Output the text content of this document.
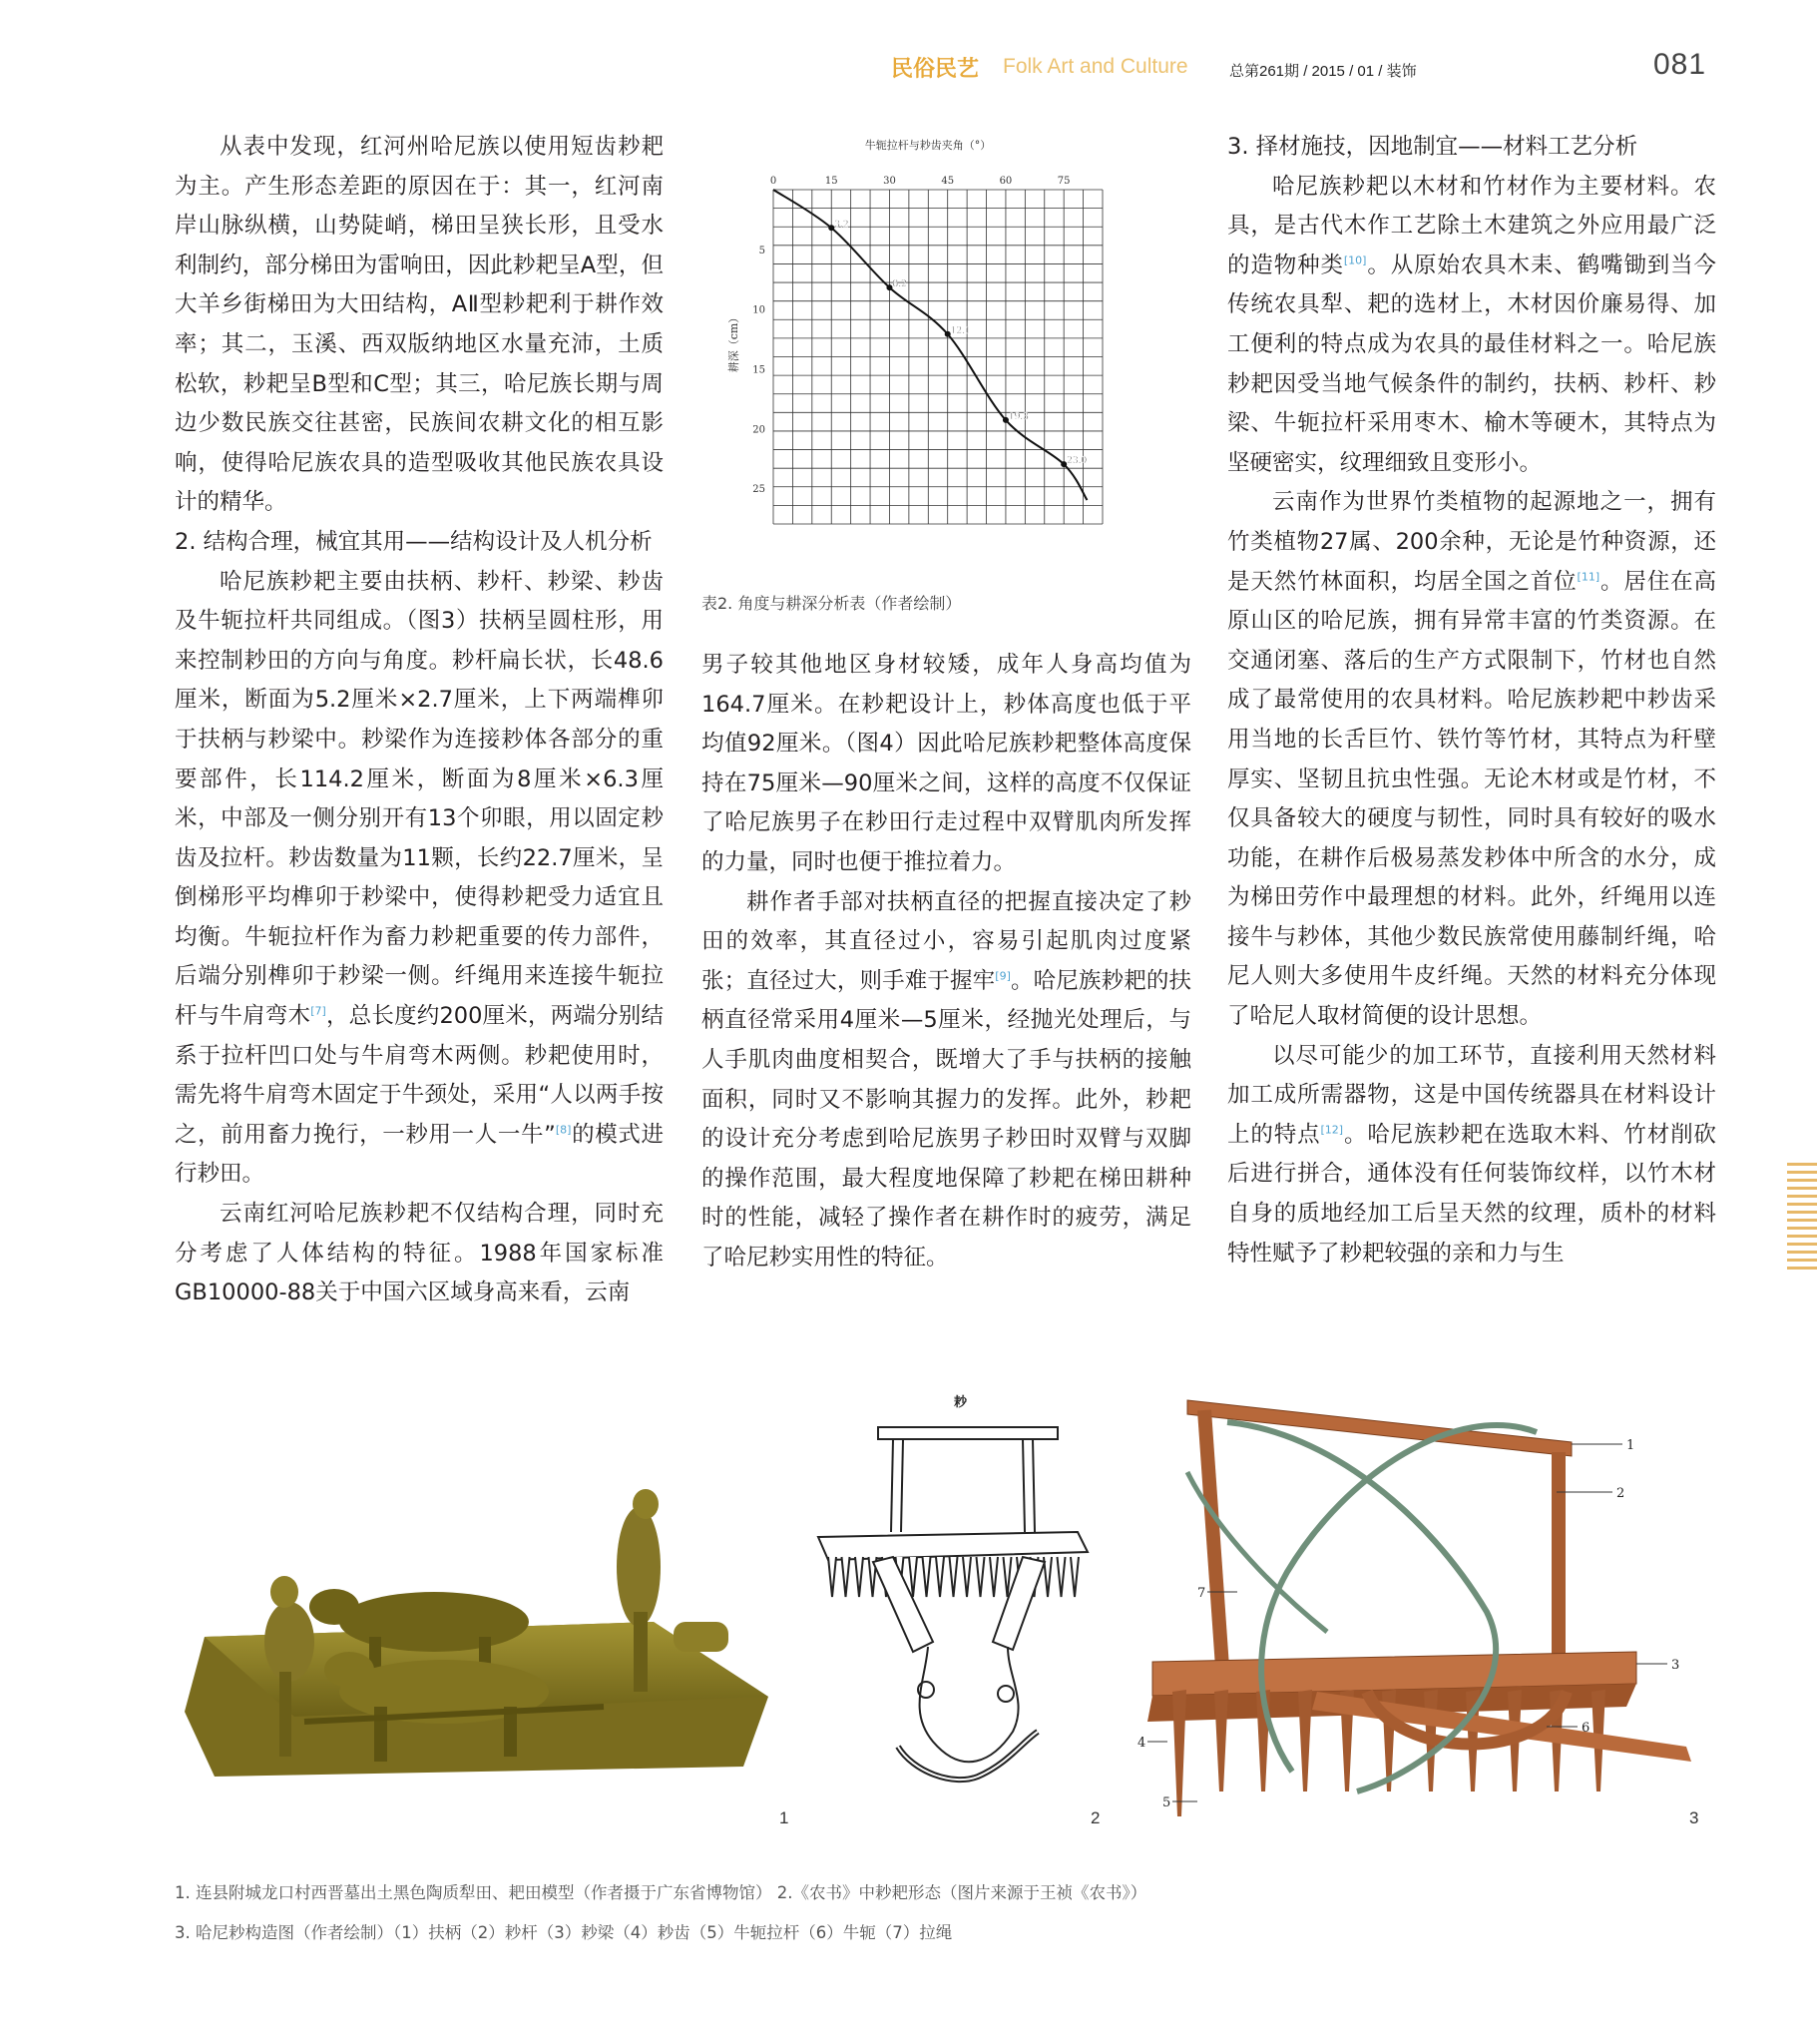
民俗民艺 Folk Art and Culture	总第261期 / 2015 / 01 / 装饰	081

从表中发现，红河州哈尼族以使用短齿耖耙为主。产生形态差距的原因在于：其一，红河南岸山脉纵横，山势陡峭，梯田呈狭长形，且受水利制约，部分梯田为雷响田，因此耖耙呈A型，但大羊乡街梯田为大田结构，AⅡ型耖耙利于耕作效率；其二，玉溪、西双版纳地区水量充沛，土质松软，耖耙呈B型和C型；其三，哈尼族长期与周边少数民族交往甚密，民族间农耕文化的相互影响，使得哈尼族农具的造型吸收其他民族农具设计的精华。

2. 结构合理，械宜其用——结构设计及人机分析

哈尼族耖耙主要由扶柄、耖杆、耖梁、耖齿及牛轭拉杆共同组成。（图3）扶柄呈圆柱形，用来控制耖田的方向与角度。耖杆扁长状，长48.6厘米，断面为5.2厘米×2.7厘米，上下两端榫卯于扶柄与耖梁中。耖梁作为连接耖体各部分的重要部件，长114.2厘米，断面为8厘米×6.3厘米，中部及一侧分别开有13个卯眼，用以固定耖齿及拉杆。耖齿数量为11颗，长约22.7厘米，呈倒梯形平均榫卯于耖梁中，使得耖耙受力适宜且均衡。牛轭拉杆作为畜力耖耙重要的传力部件，后端分别榫卯于耖梁一侧。纤绳用来连接牛轭拉杆与牛肩弯木[7]，总长度约200厘米，两端分别结系于拉杆凹口处与牛肩弯木两侧。耖耙使用时，需先将牛肩弯木固定于牛颈处，采用“人以两手按之，前用畜力挽行，一耖用一人一牛”[8]的模式进行耖田。

云南红河哈尼族耖耙不仅结构合理，同时充分考虑了人体结构的特征。1988年国家标准GB10000-88关于中国六区域身高来看，云南

牛轭拉杆与耖齿夹角（°）
耕深（cm）
0	15	30	45	60	75
5
10
15
20
25
3.2
8.2
12.1
19.3
23.0
表2. 角度与耕深分析表（作者绘制）

男子较其他地区身材较矮，成年人身高均值为164.7厘米。在耖耙设计上，耖体高度也低于平均值92厘米。（图4）因此哈尼族耖耙整体高度保持在75厘米—90厘米之间，这样的高度不仅保证了哈尼族男子在耖田行走过程中双臂肌肉所发挥的力量，同时也便于推拉着力。

耕作者手部对扶柄直径的把握直接决定了耖田的效率，其直径过小，容易引起肌肉过度紧张；直径过大，则手难于握牢[9]。哈尼族耖耙的扶柄直径常采用4厘米—5厘米，经抛光处理后，与人手肌肉曲度相契合，既增大了手与扶柄的接触面积，同时又不影响其握力的发挥。此外，耖耙的设计充分考虑到哈尼族男子耖田时双臂与双脚的操作范围，最大程度地保障了耖耙在梯田耕种时的性能，减轻了操作者在耕作时的疲劳，满足了哈尼耖实用性的特征。

3. 择材施技，因地制宜——材料工艺分析

哈尼族耖耙以木材和竹材作为主要材料。农具，是古代木作工艺除土木建筑之外应用最广泛的造物种类[10]。从原始农具木耒、鹤嘴锄到当今传统农具犁、耙的选材上，木材因价廉易得、加工便利的特点成为农具的最佳材料之一。哈尼族耖耙因受当地气候条件的制约，扶柄、耖杆、耖梁、牛轭拉杆采用枣木、榆木等硬木，其特点为坚硬密实，纹理细致且变形小。

云南作为世界竹类植物的起源地之一，拥有竹类植物27属、200余种，无论是竹种资源，还是天然竹林面积，均居全国之首位[11]。居住在高原山区的哈尼族，拥有异常丰富的竹类资源。在交通闭塞、落后的生产方式限制下，竹材也自然成了最常使用的农具材料。哈尼族耖耙中耖齿采用当地的长舌巨竹、铁竹等竹材，其特点为秆壁厚实、坚韧且抗虫性强。无论木材或是竹材，不仅具备较大的硬度与韧性，同时具有较好的吸水功能，在耕作后极易蒸发耖体中所含的水分，成为梯田劳作中最理想的材料。此外，纤绳用以连接牛与耖体，其他少数民族常使用藤制纤绳，哈尼人则大多使用牛皮纤绳。天然的材料充分体现了哈尼人取材简便的设计思想。

以尽可能少的加工环节，直接利用天然材料加工成所需器物，这是中国传统器具在材料设计上的特点[12]。哈尼族耖耙在选取木料、竹材削砍后进行拼合，通体没有任何装饰纹样，以竹木材自身的质地经加工后呈天然的纹理，质朴的材料特性赋予了耖耙较强的亲和力与生

1
耖
2
1
2
3
4
5
6
7
3
1. 连县附城龙口村西晋墓出土黑色陶质犁田、耙田模型（作者摄于广东省博物馆） 2.《农书》中耖耙形态（图片来源于王祯《农书》）
3. 哈尼耖构造图（作者绘制）（1）扶柄（2）耖杆（3）耖梁（4）耖齿（5）牛轭拉杆（6）牛轭（7）拉绳
